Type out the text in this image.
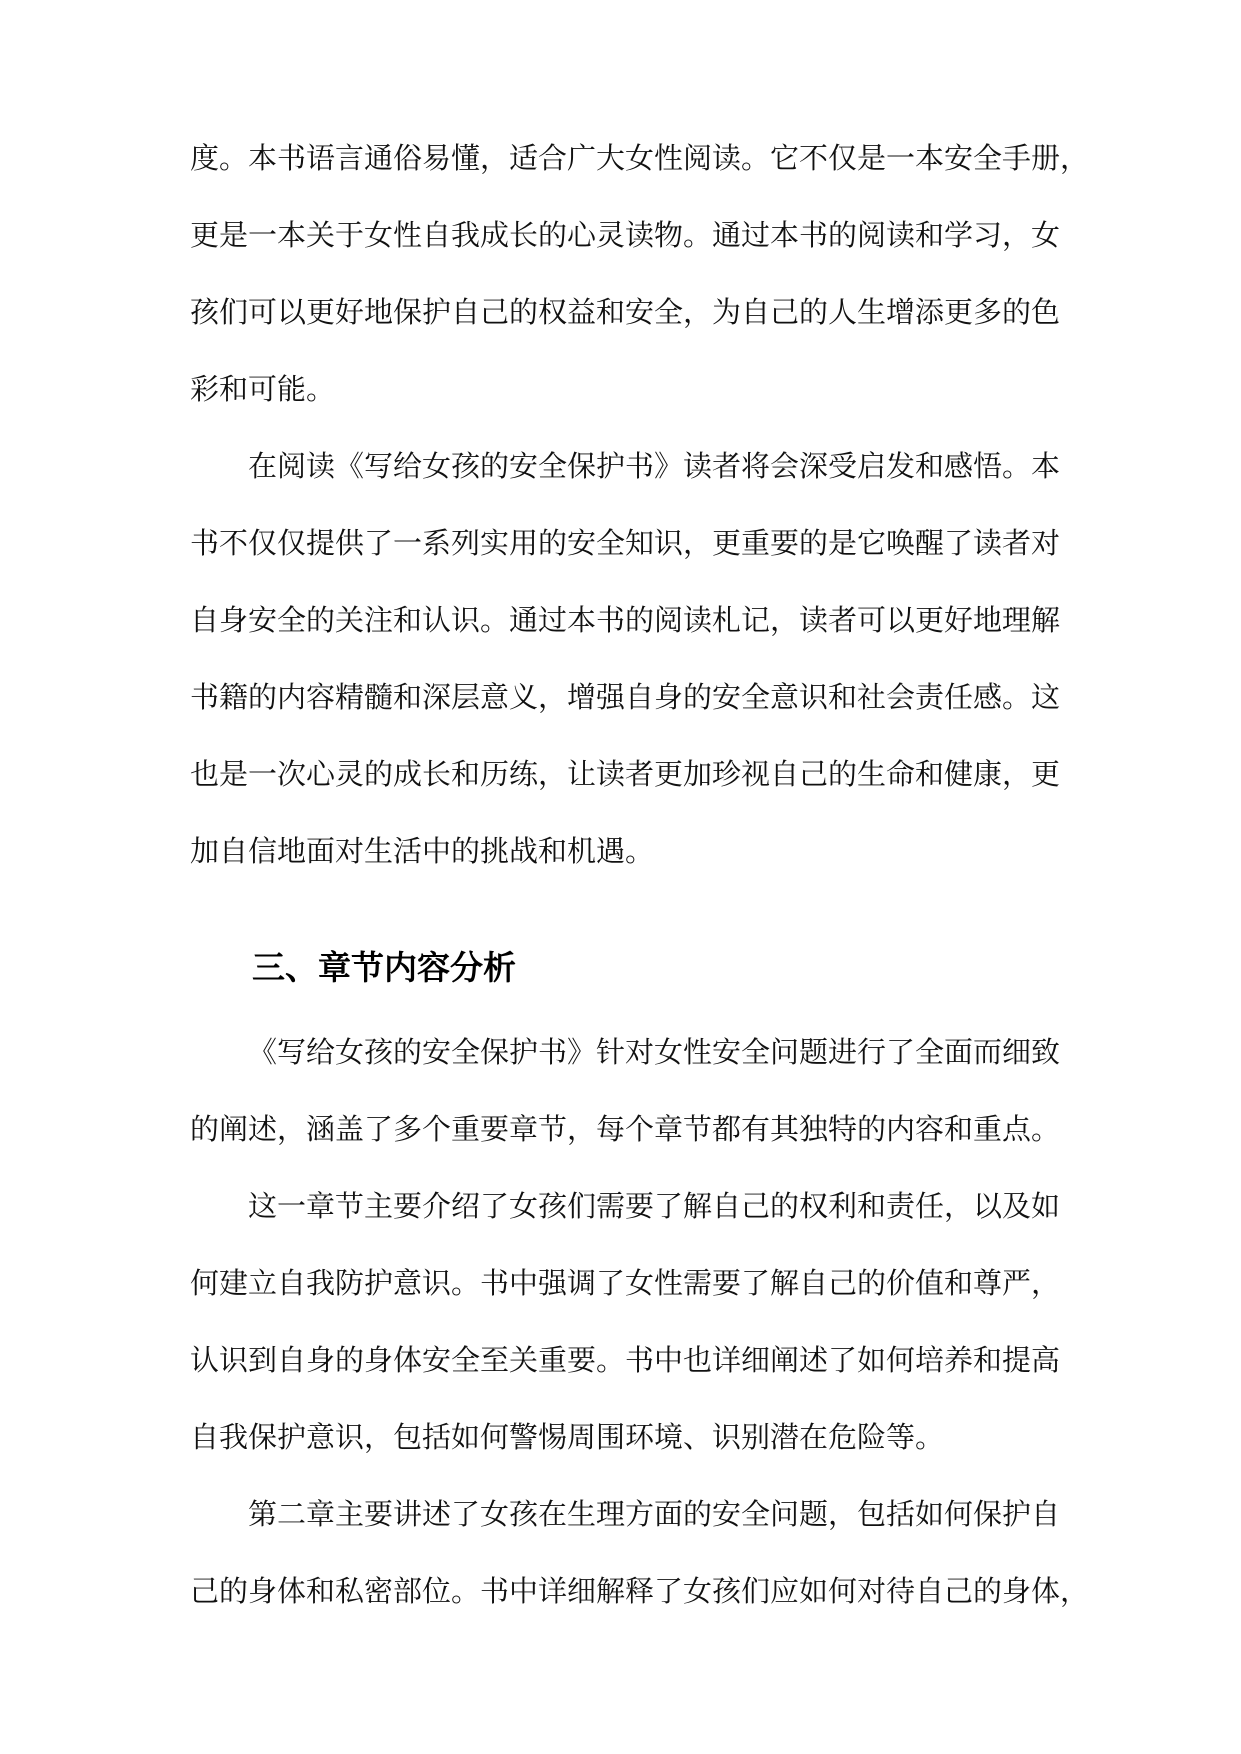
度。本书语言通俗易懂，适合广大女性阅读。它不仅是一本安全手册，

更是一本关于女性自我成长的心灵读物。通过本书的阅读和学习，女

孩们可以更好地保护自己的权益和安全，为自己的人生增添更多的色

彩和可能。

在阅读《写给女孩的安全保护书》读者将会深受启发和感悟。本

书不仅仅提供了一系列实用的安全知识，更重要的是它唤醒了读者对

自身安全的关注和认识。通过本书的阅读札记，读者可以更好地理解

书籍的内容精髓和深层意义，增强自身的安全意识和社会责任感。这

也是一次心灵的成长和历练，让读者更加珍视自己的生命和健康，更

加自信地面对生活中的挑战和机遇。

三、章节内容分析

《写给女孩的安全保护书》针对女性安全问题进行了全面而细致

的阐述，涵盖了多个重要章节，每个章节都有其独特的内容和重点。

这一章节主要介绍了女孩们需要了解自己的权利和责任，以及如

何建立自我防护意识。书中强调了女性需要了解自己的价值和尊严，

认识到自身的身体安全至关重要。书中也详细阐述了如何培养和提高

自我保护意识，包括如何警惕周围环境、识别潜在危险等。

第二章主要讲述了女孩在生理方面的安全问题，包括如何保护自

己的身体和私密部位。书中详细解释了女孩们应如何对待自己的身体，
